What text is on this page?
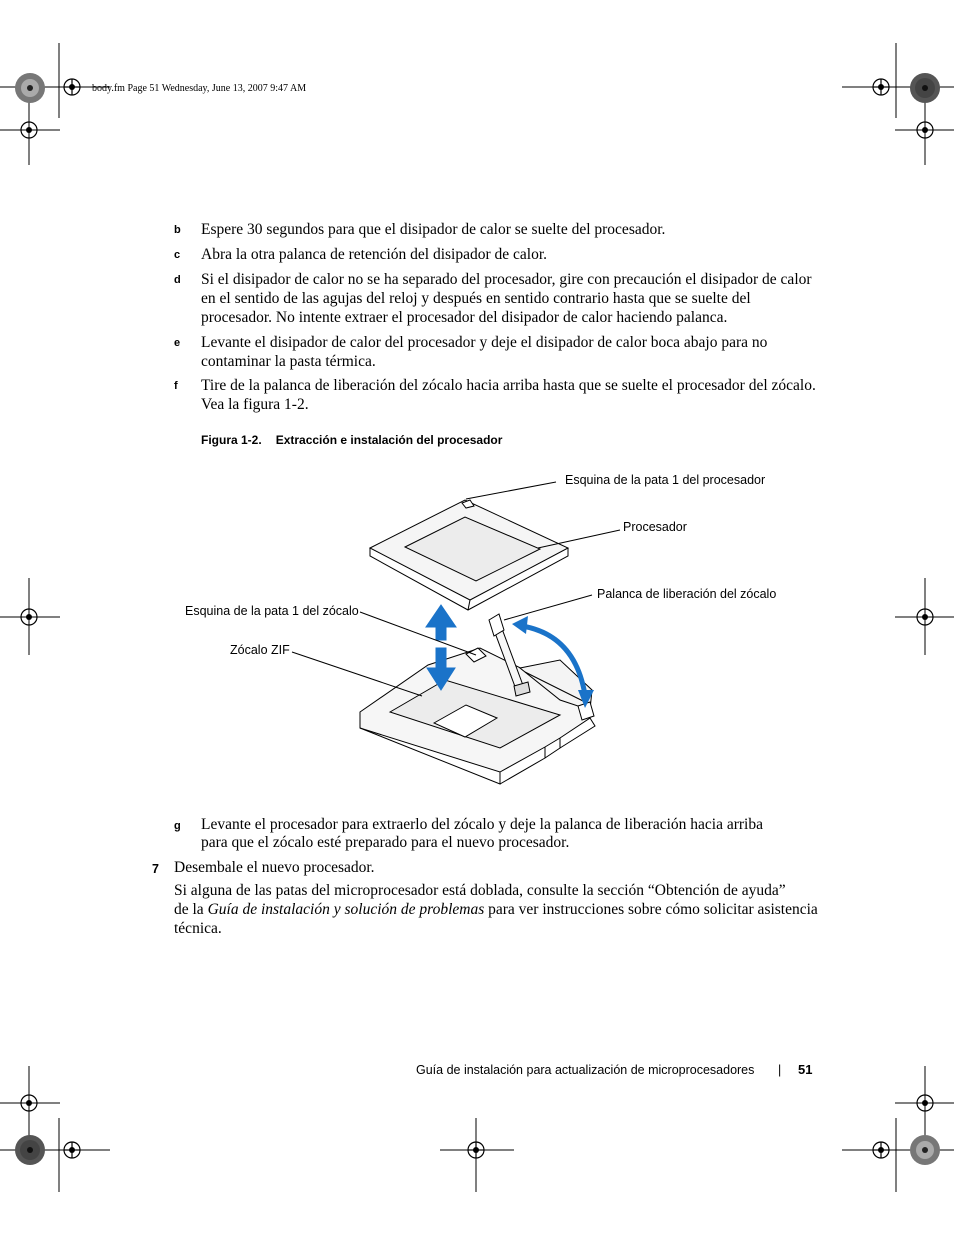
body.fm Page 51 Wednesday, June 13, 2007 9:47 AM
b Espere 30 segundos para que el disipador de calor se suelte del procesador.
c Abra la otra palanca de retención del disipador de calor.
d Si el disipador de calor no se ha separado del procesador, gire con precaución el disipador de calor
en el sentido de las agujas del reloj y después en sentido contrario hasta que se suelte del
procesador. No intente extraer el procesador del disipador de calor haciendo palanca.
e Levante el disipador de calor del procesador y deje el disipador de calor boca abajo para no
contaminar la pasta térmica.
f Tire de la palanca de liberación del zócalo hacia arriba hasta que se suelte el procesador del zócalo.
Vea la figura 1-2.
Figura 1-2. Extracción e instalación del procesador
Esquina de la pata 1 del procesador
Procesador
Palanca de liberación del zócalo
Esquina de la pata 1 del zócalo
Zócalo ZIF
g Levante el procesador para extraerlo del zócalo y deje la palanca de liberación hacia arriba
para que el zócalo esté preparado para el nuevo procesador.
7 Desembale el nuevo procesador.
Si alguna de las patas del microprocesador está doblada, consulte la sección “Obtención de ayuda”
de la Guía de instalación y solución de problemas para ver instrucciones sobre cómo solicitar asistencia
técnica.
Guía de instalación para actualización de microprocesadores | 51
